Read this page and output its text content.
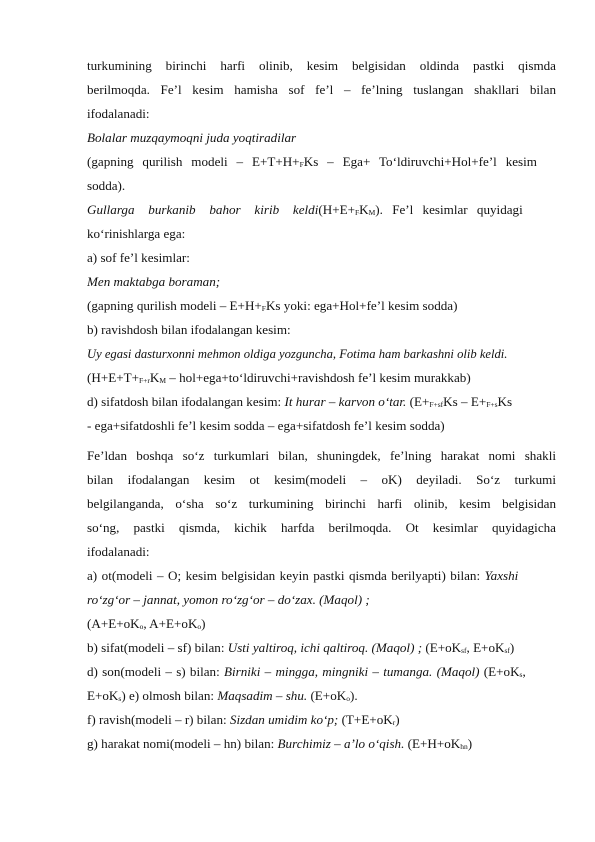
turkumining birinchi harfi olinib, kesim belgisidan oldinda pastki qismda
berilmoqda. Fe’l kesim hamisha sof fe’l – fe’lning tuslangan shakllari bilan
ifodalanadi:
Bolalar muzqaymoqni juda yoqtiradilar
(gapning qurilish modeli – $E+T+H+_FKs - Ega+$ To‘ldiruvchi+Hol+fe’l kesim
sodda).
Gullarga burkanib bahor kirib $keldi(H+E+_FK_M)$. Fe’l kesimlar quyidagi
ko‘rinishlarga ega:
a) sof fe’l kesimlar:
Men maktabga boraman;
(gapning qurilish modeli – $E+H+_FKs$ yoki: ega+Hol+fe’l kesim sodda)
b) ravishdosh bilan ifodalangan kesim:
Uy egasi dasturxonni mehmon oldiga yozguncha, Fotima ham barkashni olib keldi.
($H+E+T+_{F+r}K_M$ – hol+ega+to‘ldiruvchi+ravishdosh fe’l kesim murakkab)
d) sifatdosh bilan ifodalangan kesim: It hurar – karvon o‘tar. ($E+_{F+sf}Ks - E+_{F+s}Ks$
- ega+sifatdoshli fe’l kesim sodda – ega+sifatdosh fe’l kesim sodda)
Fe’ldan boshqa so‘z turkumlari bilan, shuningdek, fe’lning harakat nomi shakli
bilan ifodalangan kesim ot kesim(modeli – oK) deyiladi. So‘z turkumi
belgilanganda, o‘sha so‘z turkumining birinchi harfi olinib, kesim belgisidan
so‘ng, pastki qismda, kichik harfda berilmoqda. Ot kesimlar quyidagicha
ifodalanadi:
a) ot(modeli – O; kesim belgisidan keyin pastki qismda berilyapti) bilan: Yaxshi
ro‘zg‘or – jannat, yomon ro‘zg‘or – do‘zax. (Maqol) ;
($A+E+oK_o$, $A+E+oK_o$)
b) sifat(modeli – sf) bilan: Usti yaltiroq, ichi qaltiroq. (Maqol) ; ($E+oK_{sf}$, $E+oK_{sf}$)
d) son(modeli – s) bilan: Birniki – mingga, mingniki – tumanga. (Maqol) ($E+oK_s$,
$E+oK_s$) e) olmosh bilan: Maqsadim – shu. $(E+oK_o)$.
f) ravish(modeli – r) bilan: Sizdan umidim ko‘p; $(T+E+oK_r)$
g) harakat nomi(modeli – hn) bilan: Burchimiz – a’lo o‘qish. $(E+H+oK_{hn})$
